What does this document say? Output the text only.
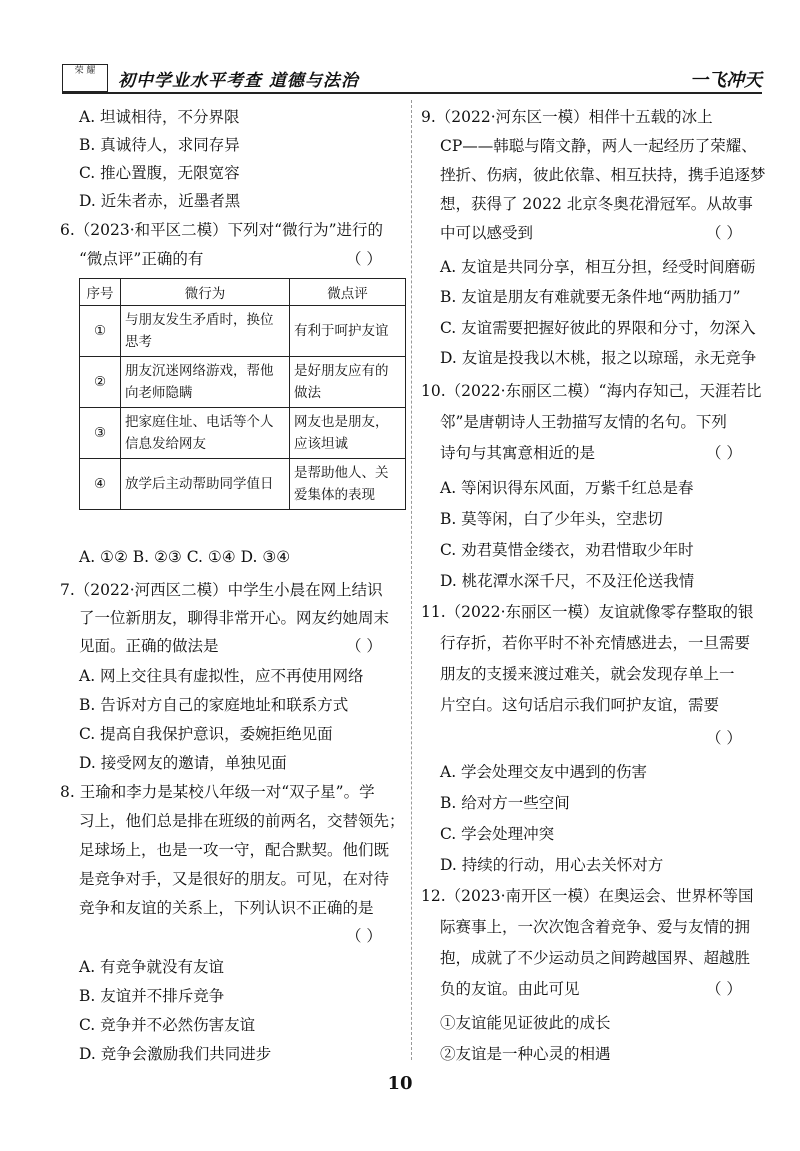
荣 耀	初中学业水平考查 道德与法治	一飞冲天
A. 坦诚相待，不分界限
B. 真诚待人，求同存异
C. 推心置腹，无限宽容
D. 近朱者赤，近墨者黑
6.（2023·和平区二模）下列对“微行为”进行的
“微点评”正确的有	（ ）
序号	微行为	微点评
①	与朋友发生矛盾时，换位思考	有利于呵护友谊
②	朋友沉迷网络游戏，帮他向老师隐瞒	是好朋友应有的做法
③	把家庭住址、电话等个人信息发给网友	网友也是朋友，应该坦诚
④	放学后主动帮助同学值日	是帮助他人、关爱集体的表现
A. ①② B. ②③ C. ①④ D. ③④
7.（2022·河西区二模）中学生小晨在网上结识
了一位新朋友，聊得非常开心。网友约她周末
见面。正确的做法是	（ ）
A. 网上交往具有虚拟性，应不再使用网络
B. 告诉对方自己的家庭地址和联系方式
C. 提高自我保护意识，委婉拒绝见面
D. 接受网友的邀请，单独见面
8. 王瑜和李力是某校八年级一对“双子星”。学
习上，他们总是排在班级的前两名，交替领先；
足球场上，也是一攻一守，配合默契。他们既
是竞争对手，又是很好的朋友。可见，在对待
竞争和友谊的关系上，下列认识不正确的是
（ ）
A. 有竞争就没有友谊
B. 友谊并不排斥竞争
C. 竞争并不必然伤害友谊
D. 竞争会激励我们共同进步
9.（2022·河东区一模）相伴十五载的冰上
CP——韩聪与隋文静，两人一起经历了荣耀、
挫折、伤病，彼此依靠、相互扶持，携手追逐梦
想，获得了 2022 北京冬奥花滑冠军。从故事
中可以感受到	（ ）
A. 友谊是共同分享，相互分担，经受时间磨砺
B. 友谊是朋友有难就要无条件地“两肋插刀”
C. 友谊需要把握好彼此的界限和分寸，勿深入
D. 友谊是投我以木桃，报之以琼瑶，永无竞争
10.（2022·东丽区二模）“海内存知己，天涯若比
邻”是唐朝诗人王勃描写友情的名句。下列
诗句与其寓意相近的是	（ ）
A. 等闲识得东风面，万紫千红总是春
B. 莫等闲，白了少年头，空悲切
C. 劝君莫惜金缕衣，劝君惜取少年时
D. 桃花潭水深千尺，不及汪伦送我情
11.（2022·东丽区一模）友谊就像零存整取的银
行存折，若你平时不补充情感进去，一旦需要
朋友的支援来渡过难关，就会发现存单上一
片空白。这句话启示我们呵护友谊，需要
（ ）
A. 学会处理交友中遇到的伤害
B. 给对方一些空间
C. 学会处理冲突
D. 持续的行动，用心去关怀对方
12.（2023·南开区一模）在奥运会、世界杯等国
际赛事上，一次次饱含着竞争、爱与友情的拥
抱，成就了不少运动员之间跨越国界、超越胜
负的友谊。由此可见	（ ）
①友谊能见证彼此的成长
②友谊是一种心灵的相遇
10
